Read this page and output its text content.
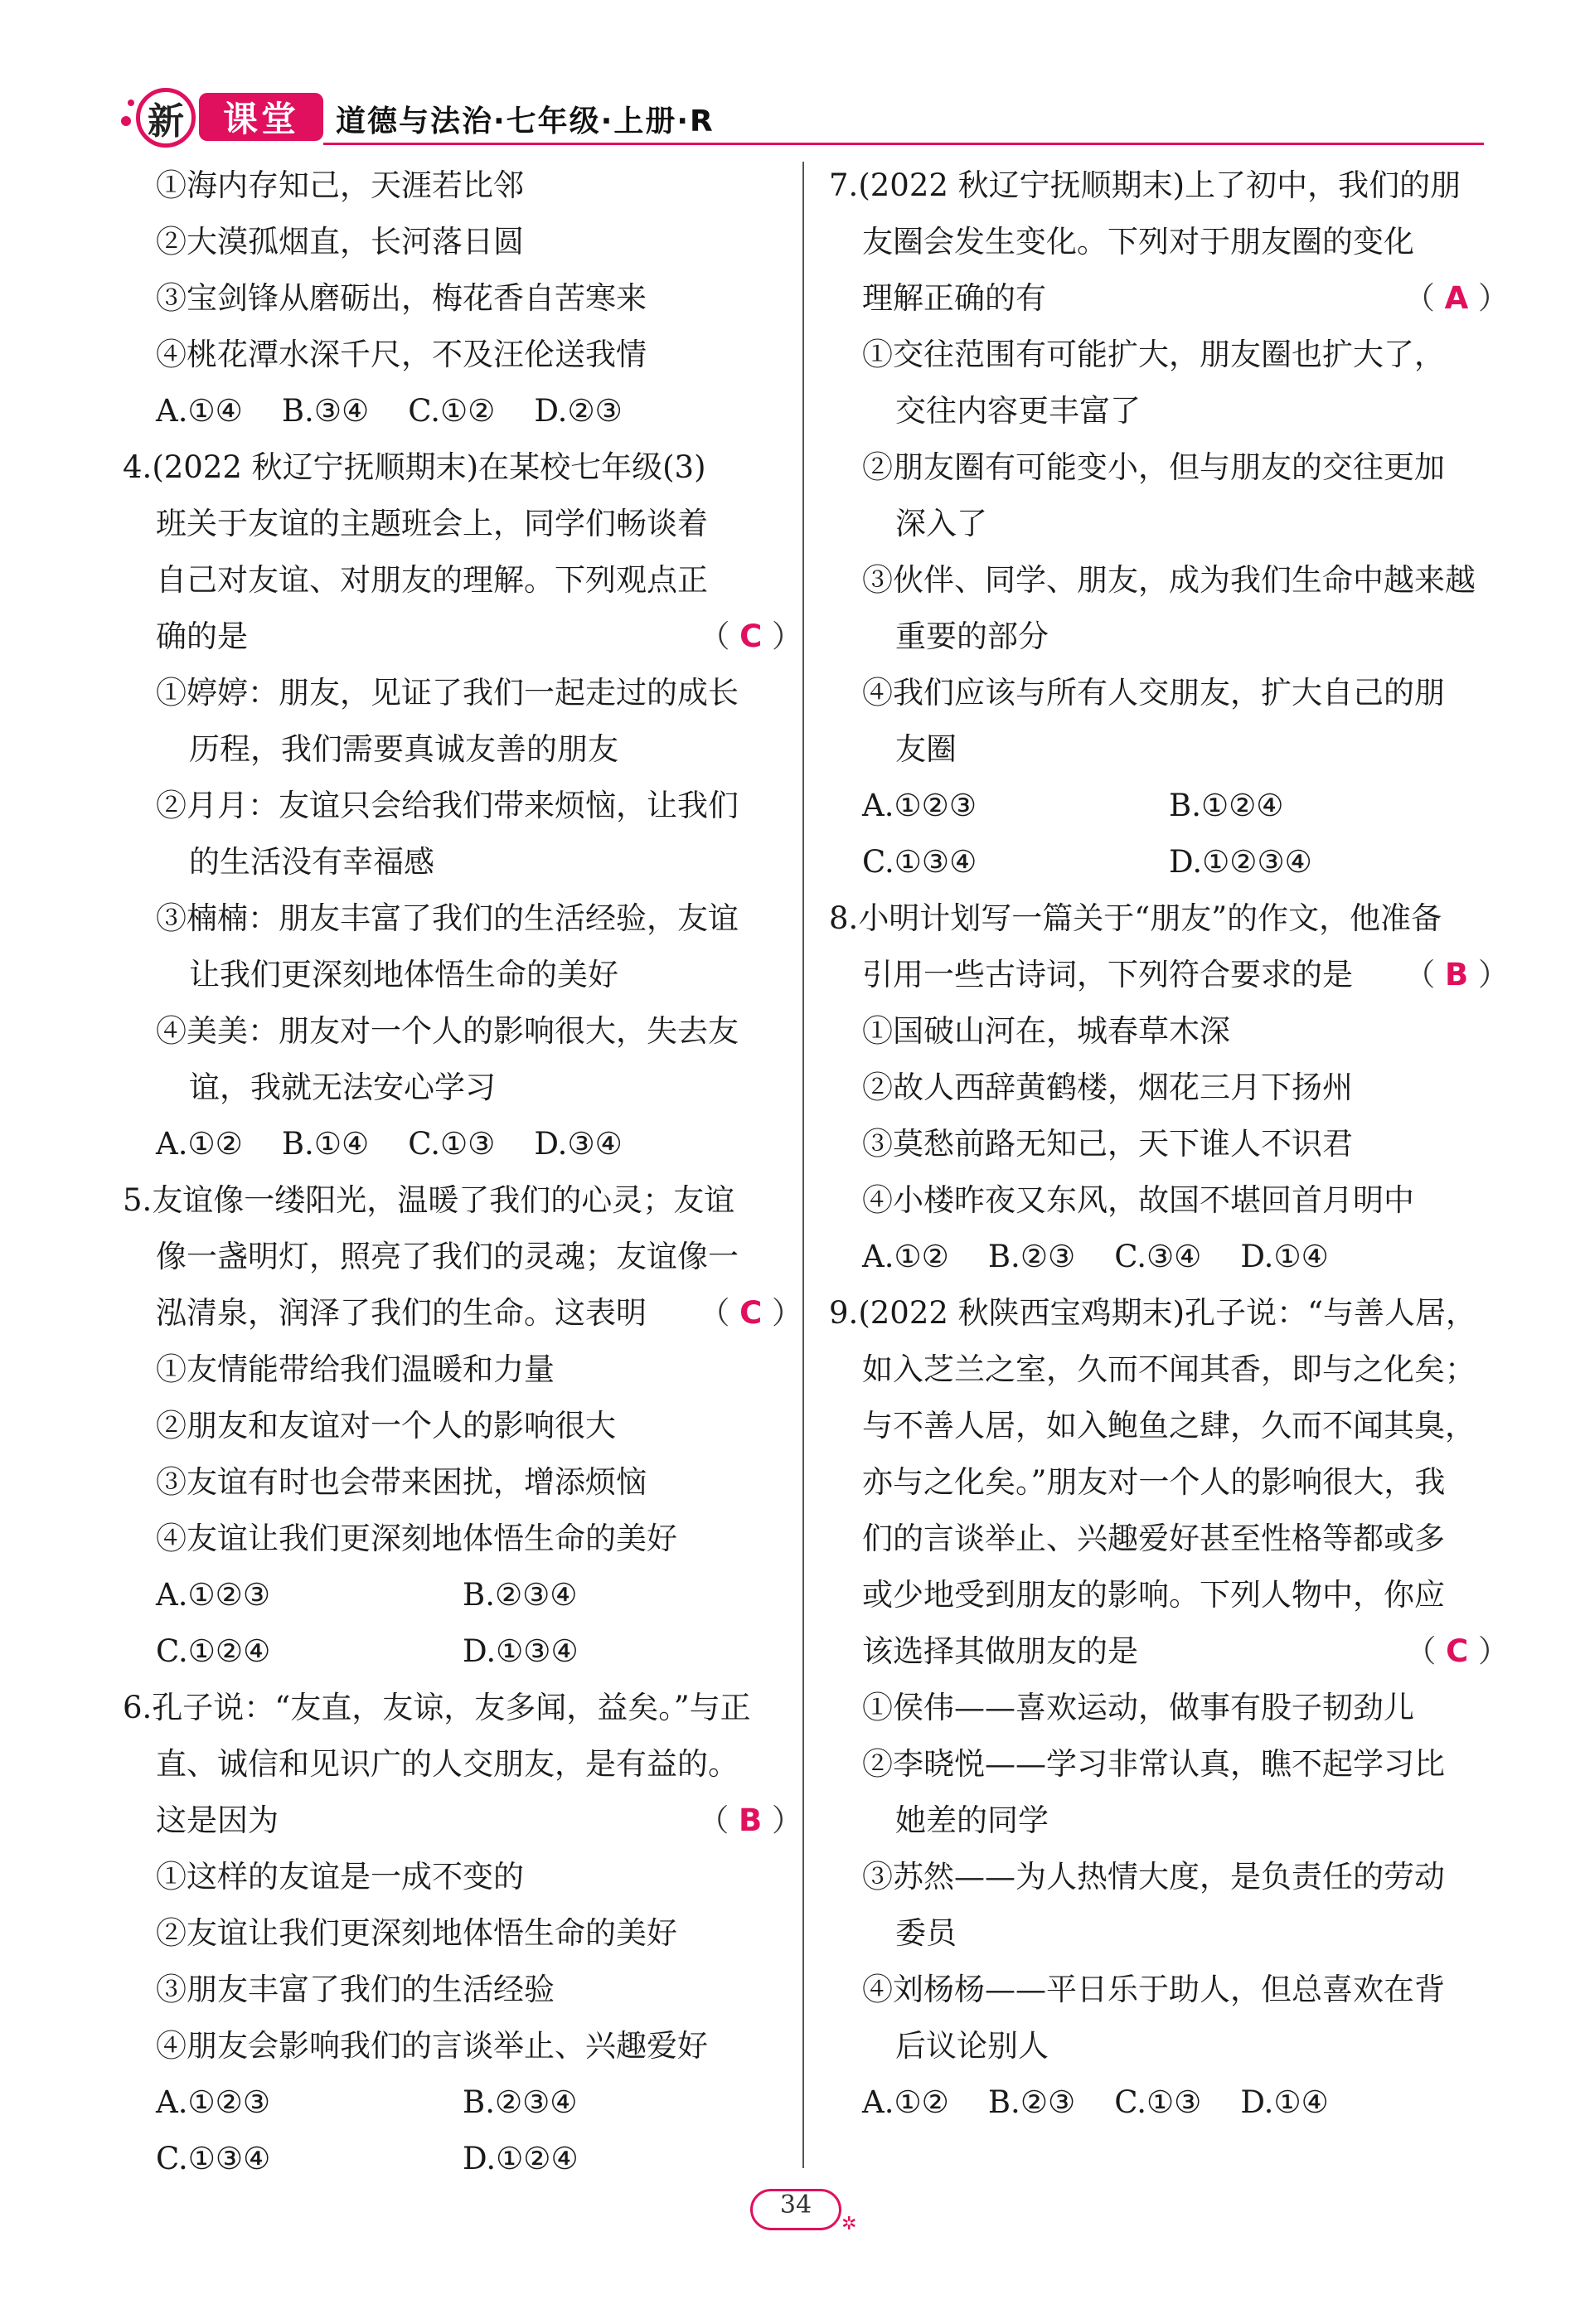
新	课堂	道德与法治·七年级·上册·R
①海内存知己，天涯若比邻
②大漠孤烟直，长河落日圆
③宝剑锋从磨砺出，梅花香自苦寒来
④桃花潭水深千尺，不及汪伦送我情
A.①④    B.③④    C.①②    D.②③
4.(2022 秋辽宁抚顺期末)在某校七年级(3)
班关于友谊的主题班会上，同学们畅谈着
自己对友谊、对朋友的理解。下列观点正
确的是	（ C ）
①婷婷：朋友，见证了我们一起走过的成长
历程，我们需要真诚友善的朋友
②月月：友谊只会给我们带来烦恼，让我们
的生活没有幸福感
③楠楠：朋友丰富了我们的生活经验，友谊
让我们更深刻地体悟生命的美好
④美美：朋友对一个人的影响很大，失去友
谊，我就无法安心学习
A.①②    B.①④    C.①③    D.③④
5.友谊像一缕阳光，温暖了我们的心灵；友谊
像一盏明灯，照亮了我们的灵魂；友谊像一
泓清泉，润泽了我们的生命。这表明 （ C ）
①友情能带给我们温暖和力量
②朋友和友谊对一个人的影响很大
③友谊有时也会带来困扰，增添烦恼
④友谊让我们更深刻地体悟生命的美好
A.①②③	B.②③④
C.①②④	D.①③④
6.孔子说：“友直，友谅，友多闻，益矣。”与正
直、诚信和见识广的人交朋友，是有益的。
这是因为	（ B ）
①这样的友谊是一成不变的
②友谊让我们更深刻地体悟生命的美好
③朋友丰富了我们的生活经验
④朋友会影响我们的言谈举止、兴趣爱好
A.①②③	B.②③④
C.①③④	D.①②④
7.(2022 秋辽宁抚顺期末)上了初中，我们的朋
友圈会发生变化。下列对于朋友圈的变化
理解正确的有	（ A ）
①交往范围有可能扩大，朋友圈也扩大了，
交往内容更丰富了
②朋友圈有可能变小，但与朋友的交往更加
深入了
③伙伴、同学、朋友，成为我们生命中越来越
重要的部分
④我们应该与所有人交朋友，扩大自己的朋
友圈
A.①②③	B.①②④
C.①③④	D.①②③④
8.小明计划写一篇关于“朋友”的作文，他准备
引用一些古诗词，下列符合要求的是 （ B ）
①国破山河在，城春草木深
②故人西辞黄鹤楼，烟花三月下扬州
③莫愁前路无知己，天下谁人不识君
④小楼昨夜又东风，故国不堪回首月明中
A.①②    B.②③    C.③④    D.①④
9.(2022 秋陕西宝鸡期末)孔子说：“与善人居，
如入芝兰之室，久而不闻其香，即与之化矣；
与不善人居，如入鲍鱼之肆，久而不闻其臭，
亦与之化矣。”朋友对一个人的影响很大，我
们的言谈举止、兴趣爱好甚至性格等都或多
或少地受到朋友的影响。下列人物中，你应
该选择其做朋友的是	（ C ）
①侯伟——喜欢运动，做事有股子韧劲儿
②李晓悦——学习非常认真，瞧不起学习比
她差的同学
③苏然——为人热情大度，是负责任的劳动
委员
④刘杨杨——平日乐于助人，但总喜欢在背
后议论别人
A.①②    B.②③    C.①③    D.①④
34
✲
